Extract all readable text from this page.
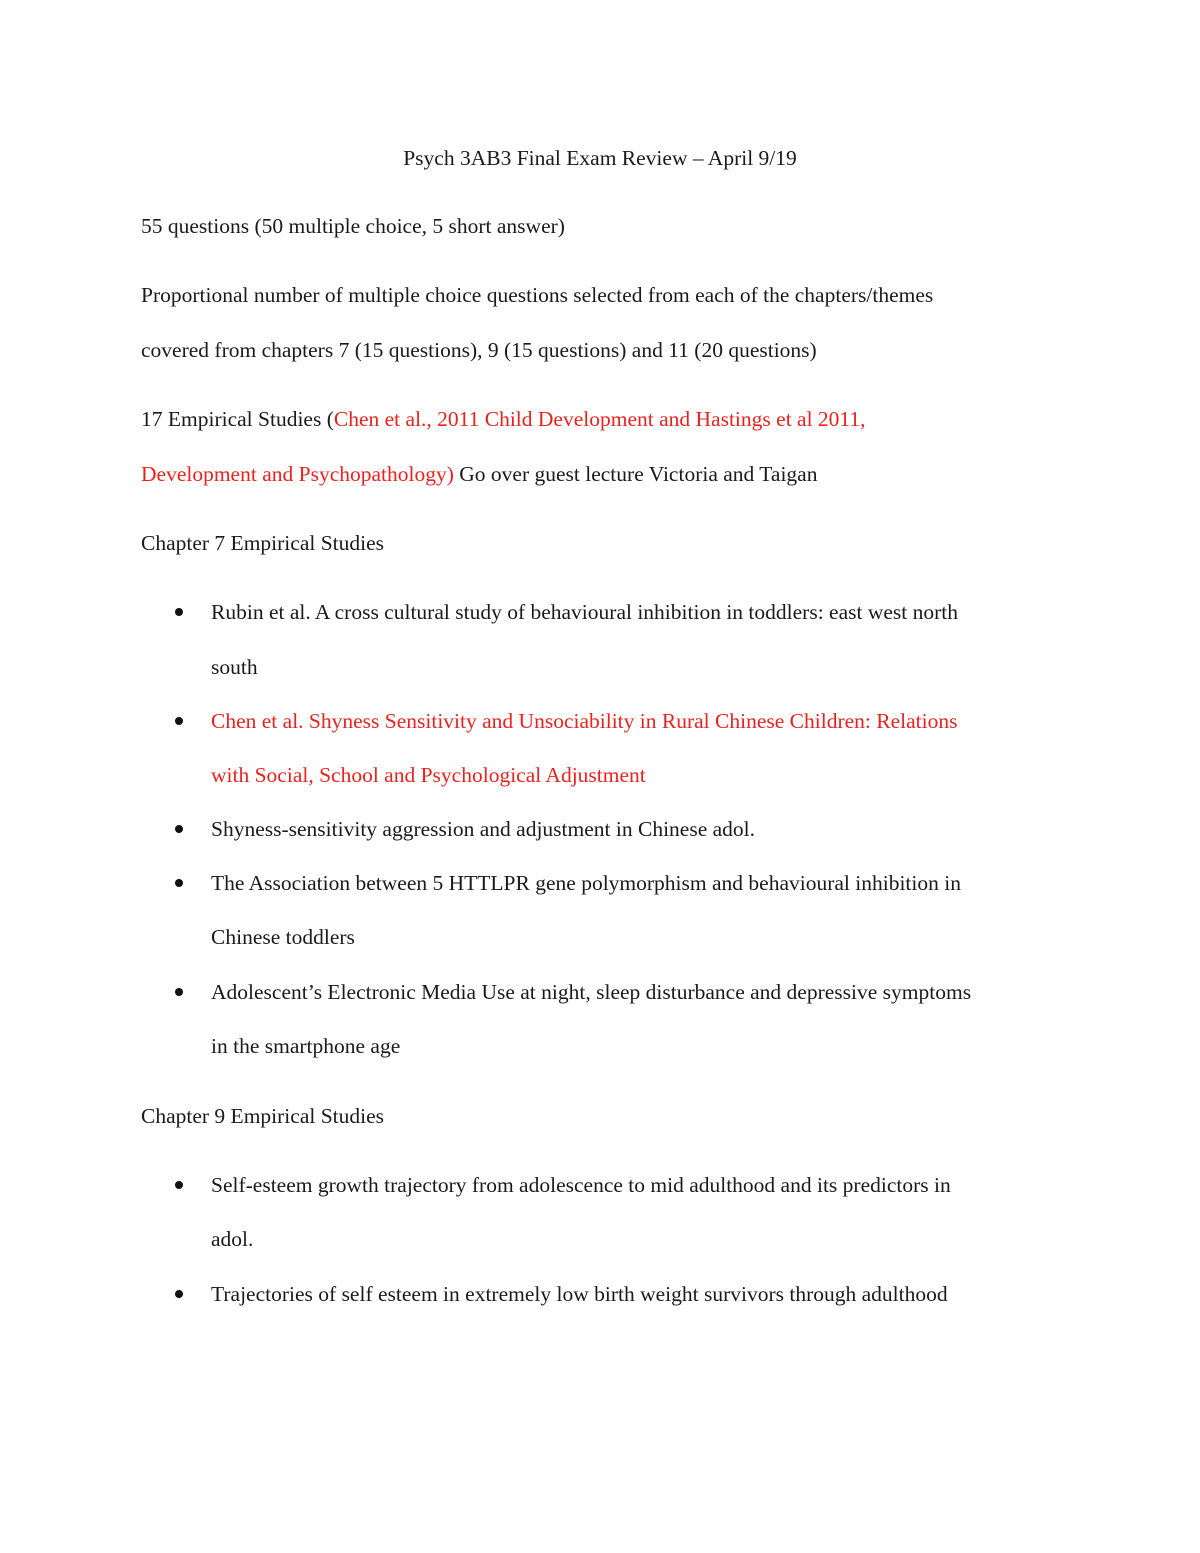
Psych 3AB3 Final Exam Review – April 9/19
55 questions (50 multiple choice, 5 short answer)
Proportional number of multiple choice questions selected from each of the chapters/themes
covered from chapters 7 (15 questions), 9 (15 questions) and 11 (20 questions)
17 Empirical Studies (Chen et al., 2011 Child Development and Hastings et al 2011,
Development and Psychopathology) Go over guest lecture Victoria and Taigan
Chapter 7 Empirical Studies
Rubin et al. A cross cultural study of behavioural inhibition in toddlers: east west north
south
Chen et al. Shyness Sensitivity and Unsociability in Rural Chinese Children: Relations
with Social, School and Psychological Adjustment
Shyness-sensitivity aggression and adjustment in Chinese adol.
The Association between 5 HTTLPR gene polymorphism and behavioural inhibition in
Chinese toddlers
Adolescent’s Electronic Media Use at night, sleep disturbance and depressive symptoms
in the smartphone age
Chapter 9 Empirical Studies
Self-esteem growth trajectory from adolescence to mid adulthood and its predictors in
adol.
Trajectories of self esteem in extremely low birth weight survivors through adulthood
